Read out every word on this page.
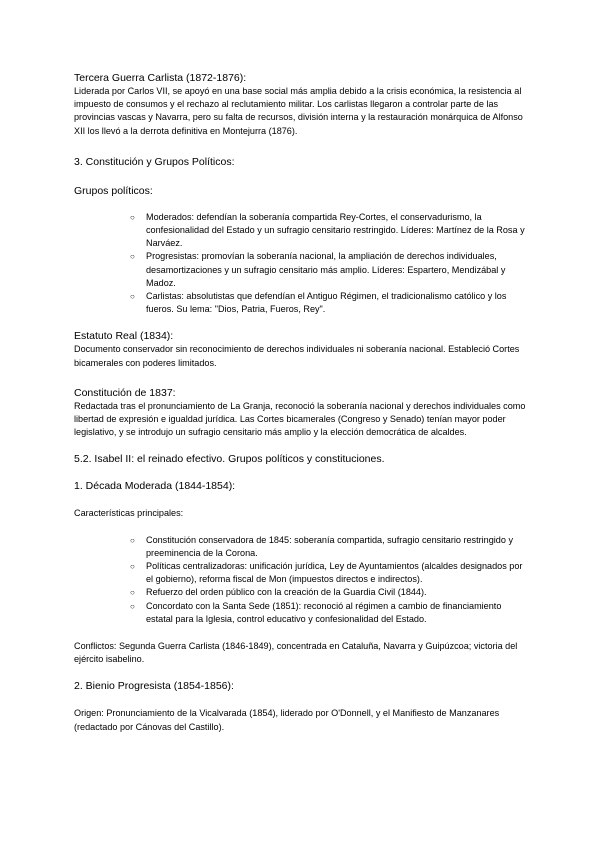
Tercera Guerra Carlista (1872-1876):

Liderada por Carlos VII, se apoyó en una base social más amplia debido a la crisis económica, la resistencia al impuesto de consumos y el rechazo al reclutamiento militar. Los carlistas llegaron a controlar parte de las provincias vascas y Navarra, pero su falta de recursos, división interna y la restauración monárquica de Alfonso XII los llevó a la derrota definitiva en Montejurra (1876).

3. Constitución y Grupos Políticos:

Grupos políticos:

○ Moderados: defendían la soberanía compartida Rey-Cortes, el conservadurismo, la confesionalidad del Estado y un sufragio censitario restringido. Líderes: Martínez de la Rosa y Narváez.
○ Progresistas: promovían la soberanía nacional, la ampliación de derechos individuales, desamortizaciones y un sufragio censitario más amplio. Líderes: Espartero, Mendizábal y Madoz.
○ Carlistas: absolutistas que defendían el Antiguo Régimen, el tradicionalismo católico y los fueros. Su lema: "Dios, Patria, Fueros, Rey".

Estatuto Real (1834):

Documento conservador sin reconocimiento de derechos individuales ni soberanía nacional. Estableció Cortes bicamerales con poderes limitados.

Constitución de 1837:

Redactada tras el pronunciamiento de La Granja, reconoció la soberanía nacional y derechos individuales como libertad de expresión e igualdad jurídica. Las Cortes bicamerales (Congreso y Senado) tenían mayor poder legislativo, y se introdujo un sufragio censitario más amplio y la elección democrática de alcaldes.

5.2. Isabel II: el reinado efectivo. Grupos políticos y constituciones.

1. Década Moderada (1844-1854):

Características principales:

○ Constitución conservadora de 1845: soberanía compartida, sufragio censitario restringido y preeminencia de la Corona.
○ Políticas centralizadoras: unificación jurídica, Ley de Ayuntamientos (alcaldes designados por el gobierno), reforma fiscal de Mon (impuestos directos e indirectos).
○ Refuerzo del orden público con la creación de la Guardia Civil (1844).
○ Concordato con la Santa Sede (1851): reconoció al régimen a cambio de financiamiento estatal para la Iglesia, control educativo y confesionalidad del Estado.

Conflictos: Segunda Guerra Carlista (1846-1849), concentrada en Cataluña, Navarra y Guipúzcoa; victoria del ejército isabelino.

2. Bienio Progresista (1854-1856):

Origen: Pronunciamiento de la Vicalvarada (1854), liderado por O'Donnell, y el Manifiesto de Manzanares (redactado por Cánovas del Castillo).
